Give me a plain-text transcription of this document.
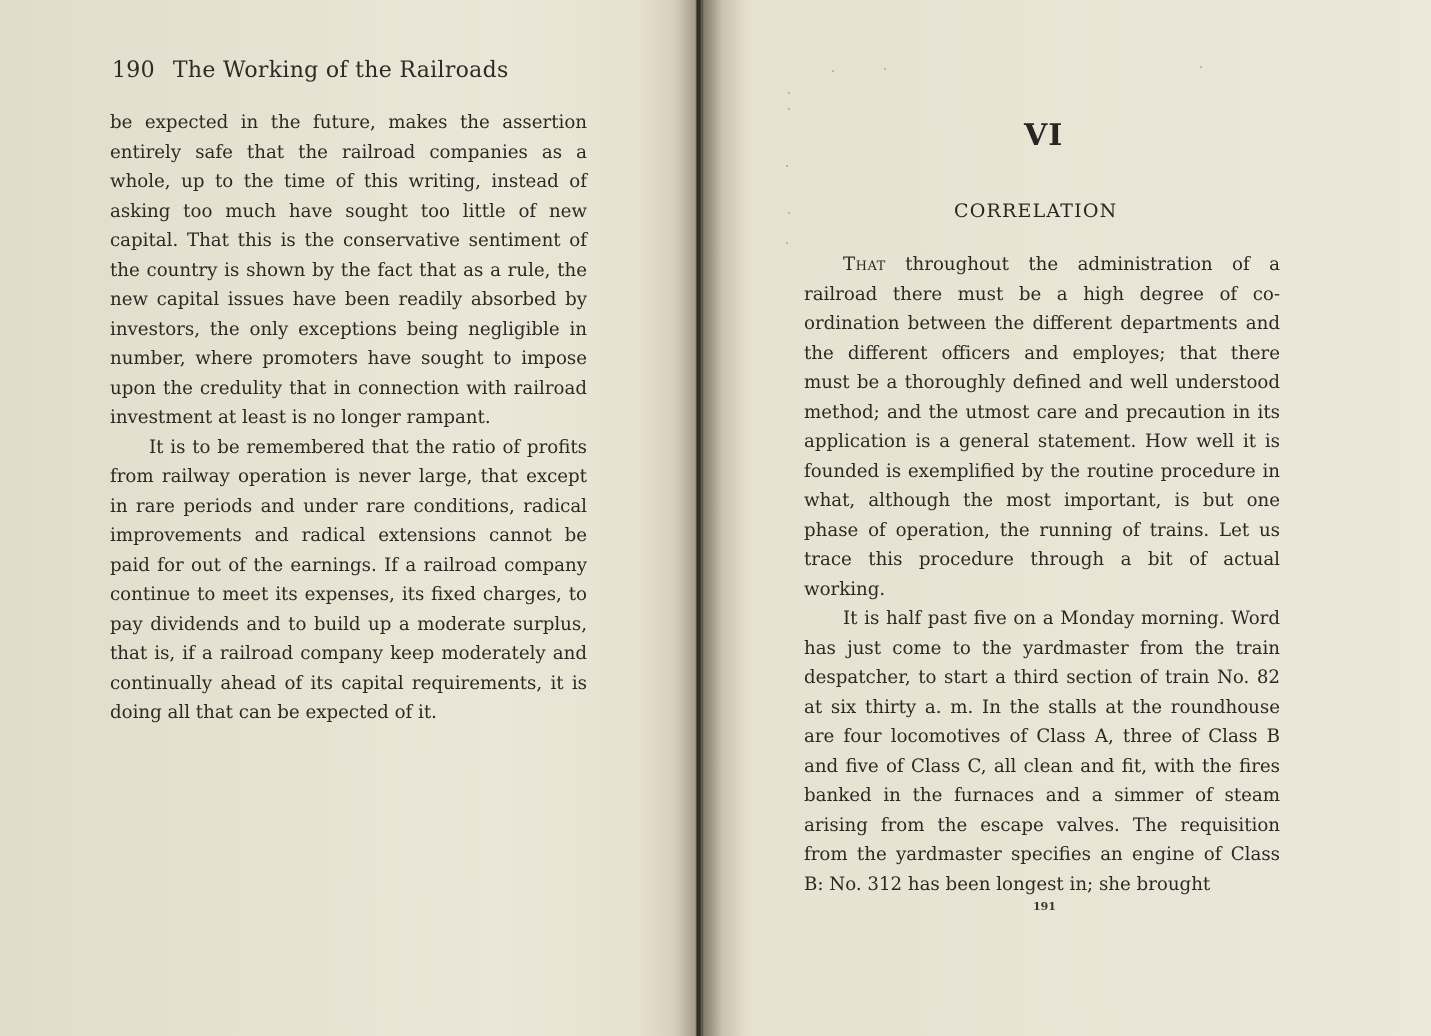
190 The Working of the Railroads

be expected in the future, makes the assertion entirely safe that the railroad companies as a whole, up to the time of this writing, instead of asking too much have sought too little of new capital. That this is the conservative sentiment of the country is shown by the fact that as a rule, the new capital issues have been readily absorbed by investors, the only exceptions being negligible in number, where promoters have sought to impose upon the credulity that in connection with railroad investment at least is no longer rampant.

It is to be remembered that the ratio of profits from railway operation is never large, that except in rare periods and under rare conditions, radical improvements and radical extensions cannot be paid for out of the earnings. If a railroad company continue to meet its expenses, its fixed charges, to pay dividends and to build up a moderate surplus, that is, if a railroad company keep moderately and continually ahead of its capital requirements, it is doing all that can be expected of it.

VI
CORRELATION

That throughout the administration of a railroad there must be a high degree of co-ordination between the different departments and the different officers and employes; that there must be a thoroughly defined and well understood method; and the utmost care and precaution in its application is a general statement. How well it is founded is exemplified by the routine procedure in what, although the most important, is but one phase of operation, the running of trains. Let us trace this procedure through a bit of actual working.

It is half past five on a Monday morning. Word has just come to the yardmaster from the train despatcher, to start a third section of train No. 82 at six thirty a. m. In the stalls at the roundhouse are four locomotives of Class A, three of Class B and five of Class C, all clean and fit, with the fires banked in the furnaces and a simmer of steam arising from the escape valves. The requisition from the yardmaster specifies an engine of Class B: No. 312 has been longest in; she brought

191
